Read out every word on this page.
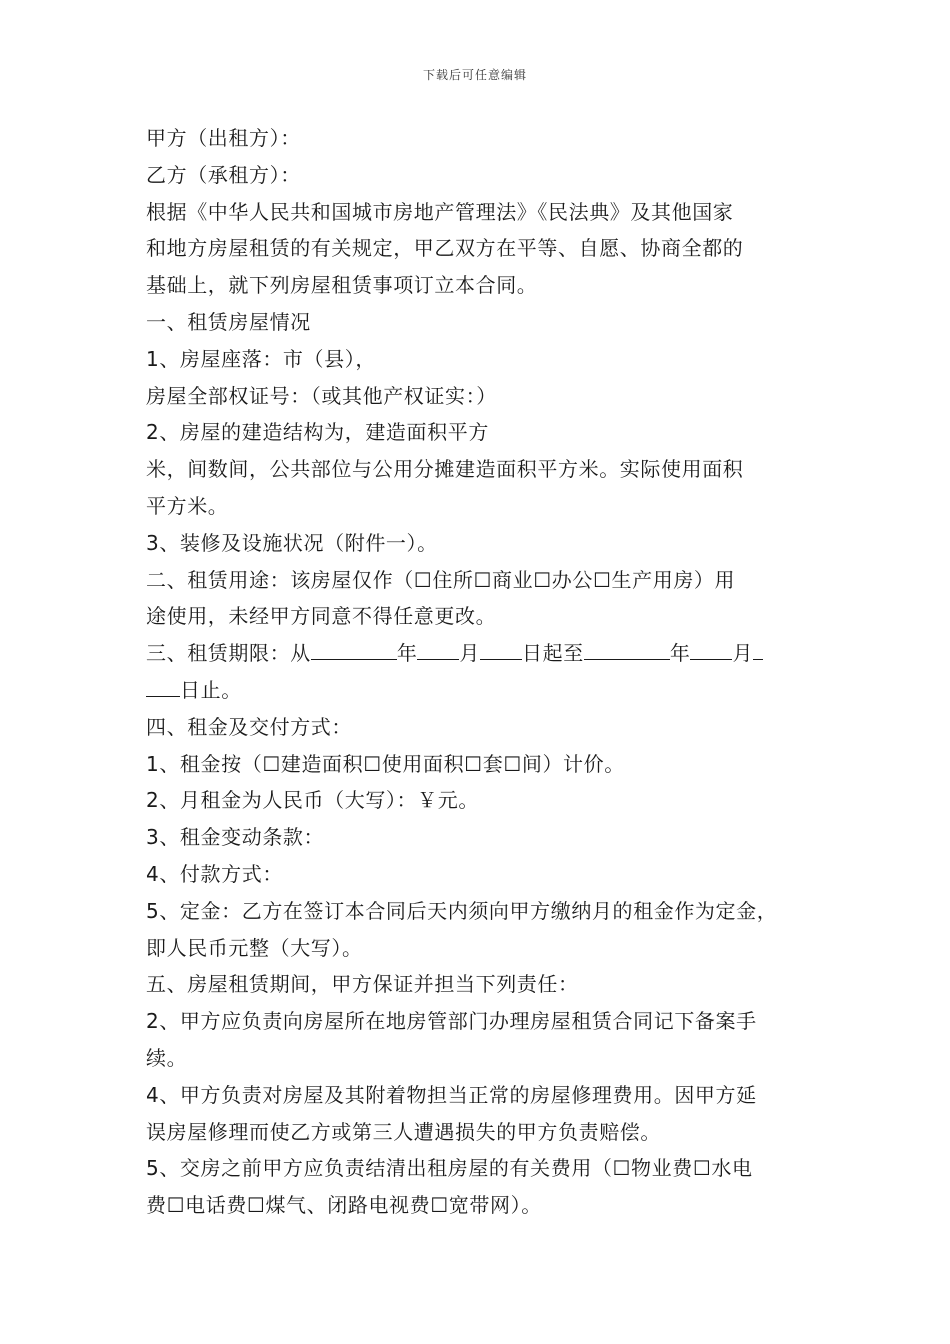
下载后可任意编辑
甲方（出租方）：
乙方（承租方）：
根据《中华人民共和国城市房地产管理法》《民法典》及其他国家
和地方房屋租赁的有关规定，甲乙双方在平等、自愿、协商全都的
基础上，就下列房屋租赁事项订立本合同。
一、租赁房屋情况
1、房屋座落：市（县），
房屋全部权证号：（或其他产权证实：）
2、房屋的建造结构为，建造面积平方
米，间数间，公共部位与公用分摊建造面积平方米。实际使用面积
平方米。
3、装修及设施状况（附件一）。
二、租赁用途：该房屋仅作（☐住所☐商业☐办公☐生产用房）用
途使用，未经甲方同意不得任意更改。
三、租赁期限：从	年 月 日起至	年 月
日止。
四、租金及交付方式：
1、租金按（☐建造面积☐使用面积☐套☐间）计价。
2、月租金为人民币（大写）：￥元。
3、租金变动条款：
4、付款方式：
5、定金：乙方在签订本合同后天内须向甲方缴纳月的租金作为定金，
即人民币元整（大写）。
五、房屋租赁期间，甲方保证并担当下列责任：
2、甲方应负责向房屋所在地房管部门办理房屋租赁合同记下备案手
续。
4、甲方负责对房屋及其附着物担当正常的房屋修理费用。因甲方延
误房屋修理而使乙方或第三人遭遇损失的甲方负责赔偿。
5、交房之前甲方应负责结清出租房屋的有关费用（☐物业费☐水电
费☐电话费☐煤气、闭路电视费☐宽带网）。
